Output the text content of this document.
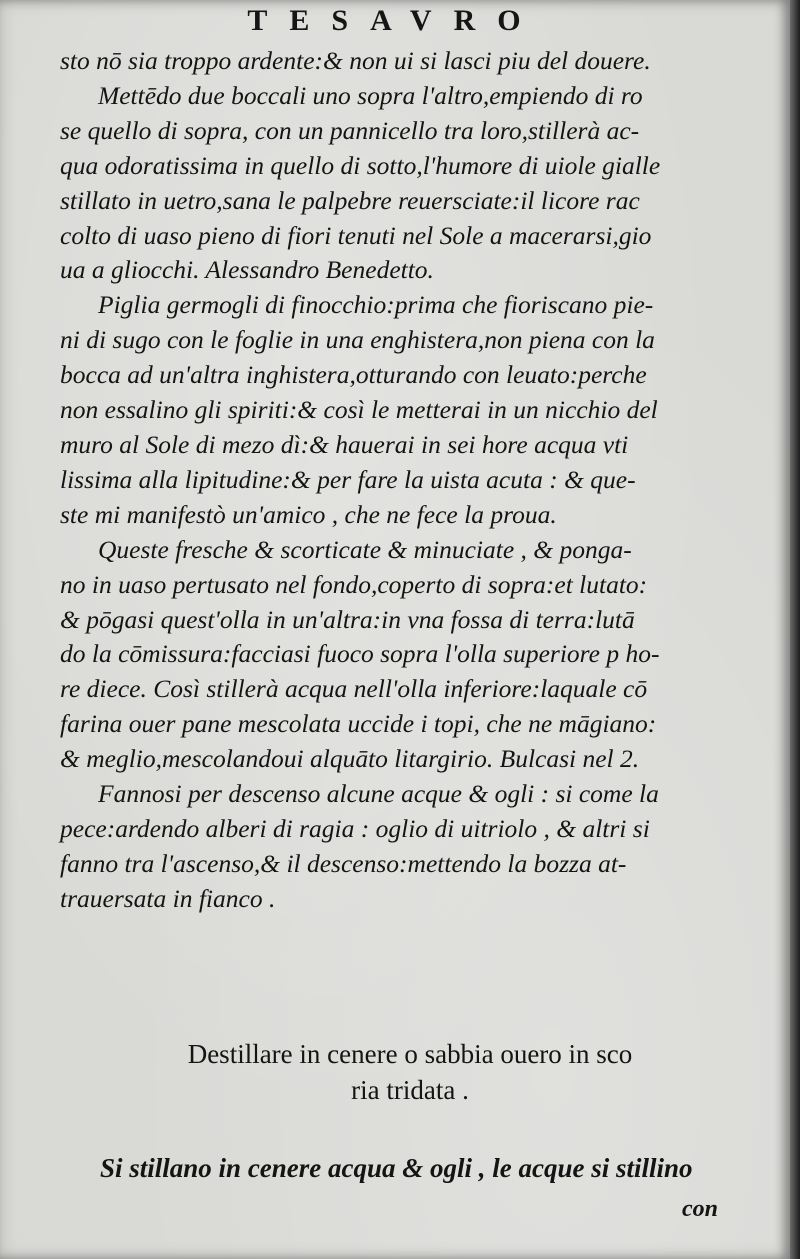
TESAVRO
sto nō sia troppo ardente:& non ui si lasci piu del douere.
Mettēdo due boccali uno sopra l'altro,empiendo di ro
se quello di sopra, con un pannicello tra loro,stillerà ac-
qua odoratissima in quello di sotto,l'humore di uiole gialle
stillato in uetro,sana le palpebre reuersciate:il licore rac
colto di uaso pieno di fiori tenuti nel Sole a macerarsi,gio
ua a gliocchi. Alessandro Benedetto.
Piglia germogli di finocchio:prima che fioriscano pie-
ni di sugo con le foglie in una enghistera,non piena con la
bocca ad un'altra inghistera,otturando con leuato:perche
non essalino gli spiriti:& così le metterai in un nicchio del
muro al Sole di mezo dì:& hauerai in sei hore acqua vti
lissima alla lipitudine:& per fare la uista acuta : & que-
ste mi manifestò un'amico , che ne fece la proua.
Queste fresche & scorticate & minuciate , & ponga-
no in uaso pertusato nel fondo,coperto di sopra:et lutato:
& pōgasi quest'olla in un'altra:in vna fossa di terra:lutā
do la cōmissura:facciasi fuoco sopra l'olla superiore p ho-
re diece. Così stillerà acqua nell'olla inferiore:laquale cō
farina ouer pane mescolata uccide i topi, che ne māgiano:
& meglio,mescolandoui alquāto litargirio. Bulcasi nel 2.
Fannosi per descenso alcune acque & ogli : si come la
pece:ardendo alberi di ragia : oglio di uitriolo , & altri si
fanno tra l'ascenso,& il descenso:mettendo la bozza at-
trauersata in fianco .
Destillare in cenere o sabbia ouero in sco
ria tridata .
Si stillano in cenere acqua & ogli , le acque si stillino
con
